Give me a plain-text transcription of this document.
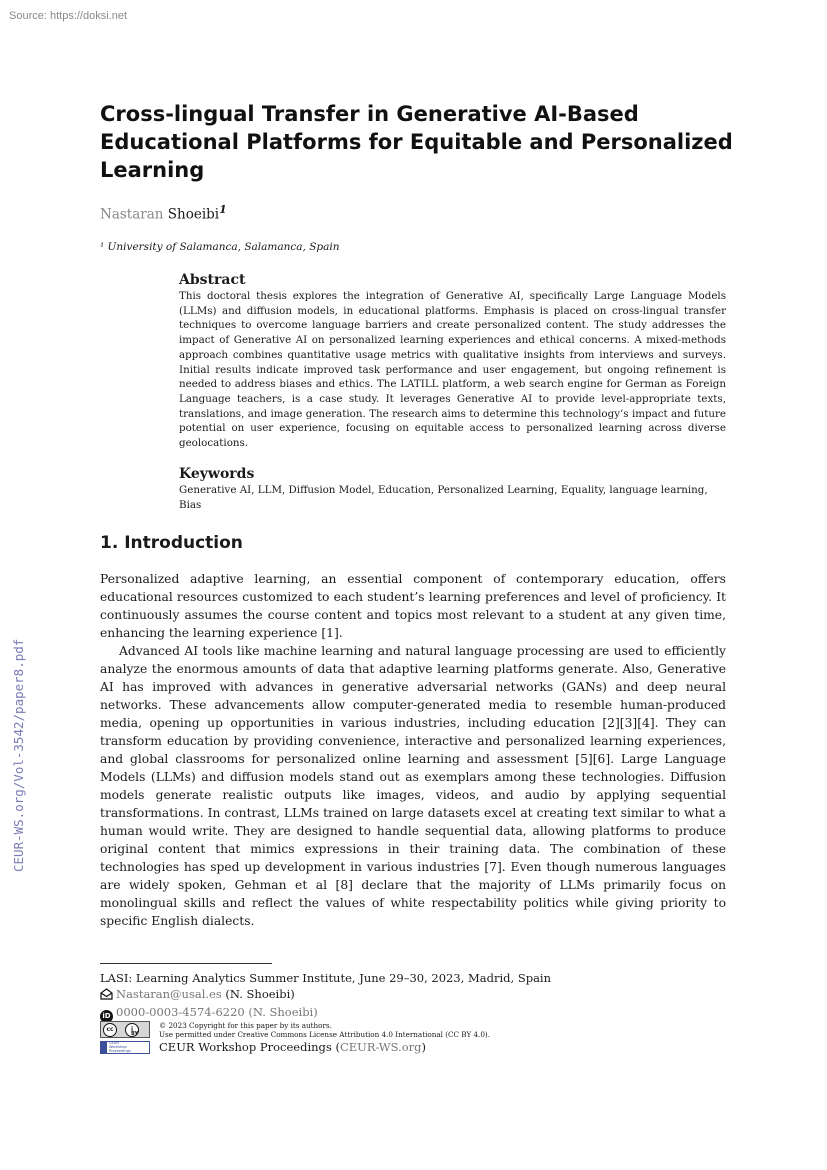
Source: https://doksi.net
CEUR-WS.org/Vol-3542/paper8.pdf
Cross-lingual Transfer in Generative AI-Based Educational Platforms for Equitable and Personalized Learning
Nastaran Shoeibi$^1$
¹ University of Salamanca, Salamanca, Spain
Abstract

This doctoral thesis explores the integration of Generative AI, specifically Large Language Models (LLMs) and diffusion models, in educational platforms. Emphasis is placed on cross-lingual transfer techniques to overcome language barriers and create personalized content. The study addresses the impact of Generative AI on personalized learning experiences and ethical concerns. A mixed-methods approach combines quantitative usage metrics with qualitative insights from interviews and surveys. Initial results indicate improved task performance and user engagement, but ongoing refinement is needed to address biases and ethics. The LATILL platform, a web search engine for German as Foreign Language teachers, is a case study. It leverages Generative AI to provide level-appropriate texts, translations, and image generation. The research aims to determine this technology’s impact and future potential on user experience, focusing on equitable access to personalized learning across diverse geolocations.

Keywords

Generative AI, LLM, Diffusion Model, Education, Personalized Learning, Equality, language learning, Bias

1. Introduction

Personalized adaptive learning, an essential component of contemporary education, offers educational resources customized to each student’s learning preferences and level of proficiency. It continuously assumes the course content and topics most relevant to a student at any given time, enhancing the learning experience [1].

Advanced AI tools like machine learning and natural language processing are used to efficiently analyze the enormous amounts of data that adaptive learning platforms generate. Also, Generative AI has improved with advances in generative adversarial networks (GANs) and deep neural networks. These advancements allow computer-generated media to resemble human-produced media, opening up opportunities in various industries, including education [2][3][4]. They can transform education by providing convenience, interactive and personalized learning experiences, and global classrooms for personalized online learning and assessment [5][6]. Large Language Models (LLMs) and diffusion models stand out as exemplars among these technologies. Diffusion models generate realistic outputs like images, videos, and audio by applying sequential transformations. In contrast, LLMs trained on large datasets excel at creating text similar to what a human would write. They are designed to handle sequential data, allowing platforms to produce original content that mimics expressions in their training data. The combination of these technologies has sped up development in various industries [7]. Even though numerous languages are widely spoken, Gehman et al [8] declare that the majority of LLMs primarily focus on monolingual skills and reflect the values of white respectability politics while giving priority to specific English dialects.

LASI: Learning Analytics Summer Institute, June 29–30, 2023, Madrid, Spain
Nastaran@usal.es (N. Shoeibi)
iD 0000-0003-4574-6220 (N. Shoeibi)
cc	i
BY
© 2023 Copyright for this paper by its authors.
Use permitted under Creative Commons License Attribution 4.0 International (CC BY 4.0).
CEUR
Workshop
Proceedings CEUR Workshop Proceedings (CEUR-WS.org)
